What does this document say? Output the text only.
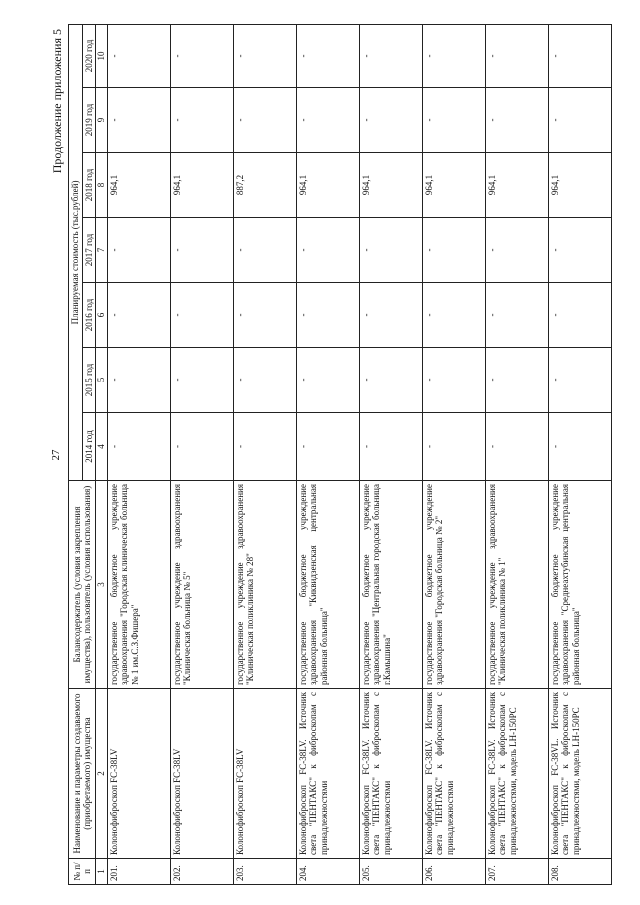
27
Продолжение приложения 5
№ п/п	Наименование и параметры создаваемого (приобретаемого) имущества	Балансодержатель (условия закрепления имущества), пользователь (условия использования)	Планируемая стоимость (тыс.рублей)						
			2014 год	2015 год	2016 год	2017 год	2018 год	2019 год	2020 год
1	2	3	4	5	6	7	8	9	10
201.	Колонофиброскоп FC-38LV	государственное бюджетное учреждение здравоохранения "Городская клиническая больница № 1 им.С.З.Фишера"	-	-	-	-	964,1	-	-
202.	Колонофиброскоп FC-38LV	государственное учреждение здравоохранения "Клиническая больница № 5"	-	-	-	-	964,1	-	-
203.	Колонофиброскоп FC-38LV	государственное учреждение здравоохранения "Клиническая поликлиника № 28"	-	-	-	-	887,2	-	-
204.	Колонофиброскоп FC-38LV. Источник света "ПЕНТАКС" к фиброскопам с принадлежностями	государственное бюджетное учреждение здравоохранения "Киквидзенская центральная районная больница"	-	-	-	-	964,1	-	-
205.	Колонофиброскоп FC-38LV. Источник света "ПЕНТАКС" к фиброскопам с принадлежностями	государственное бюджетное учреждение здравоохранения "Центральная городская больница г.Камышина"	-	-	-	-	964,1	-	-
206.	Колонофиброскоп FC-38LV. Источник света "ПЕНТАКС" к фиброскопам с принадлежностями	государственное бюджетное учреждение здравоохранения "Городская больница № 2"	-	-	-	-	964,1	-	-
207.	Колонофиброскоп FC-38LV. Источник света "ПЕНТАКС" к фиброскопам с принадлежностями, модель LH-150PC	государственное учреждение здравоохранения "Клиническая поликлиника № 1"	-	-	-	-	964,1	-	-
208.	Колонофиброскоп FC-38VL. Источник света "ПЕНТАКС" к фиброскопам с принадлежностями, модель LH-150PC	государственное бюджетное учреждение здравоохранения "Среднеахтубинская центральная районная больница"	-	-	-	-	964,1	-	-
